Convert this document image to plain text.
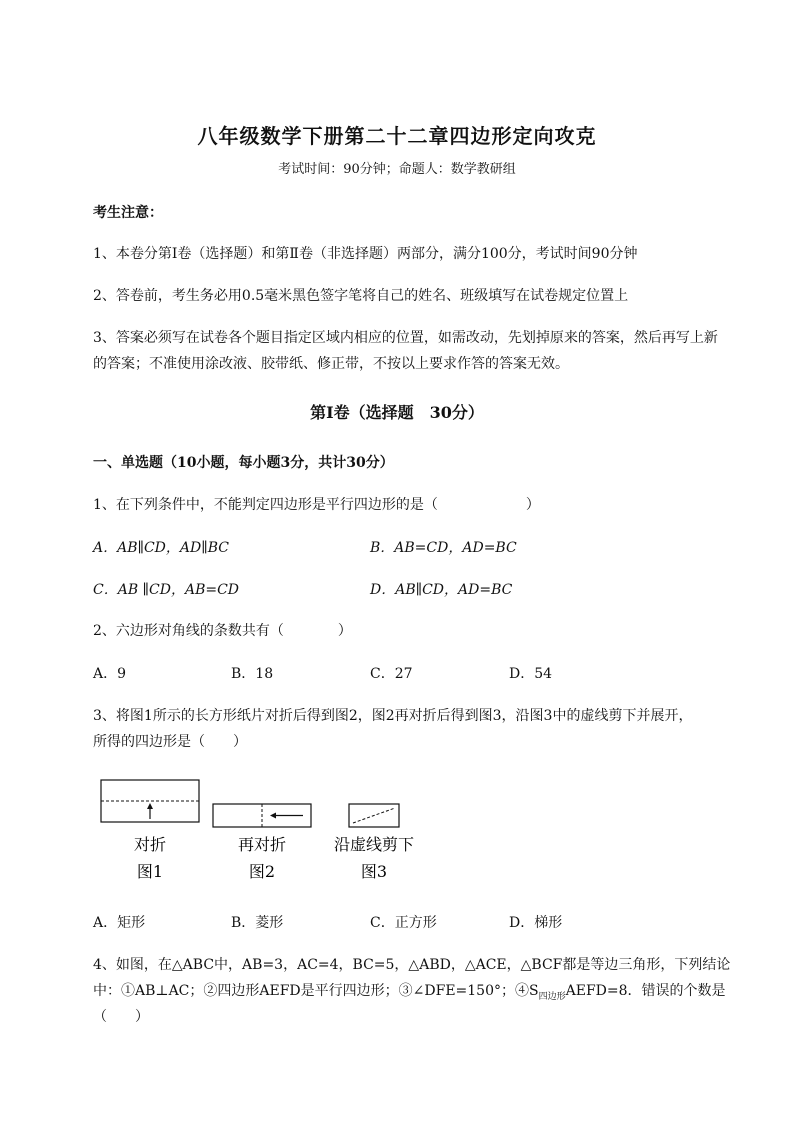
八年级数学下册第二十二章四边形定向攻克
考试时间：90分钟；命题人：数学教研组
考生注意：
1、本卷分第I卷（选择题）和第Ⅱ卷（非选择题）两部分，满分100分，考试时间90分钟
2、答卷前，考生务必用0.5毫米黑色签字笔将自己的姓名、班级填写在试卷规定位置上
3、答案必须写在试卷各个题目指定区域内相应的位置，如需改动，先划掉原来的答案，然后再写上新
的答案；不准使用涂改液、胶带纸、修正带，不按以上要求作答的答案无效。
第I卷（选择题　30分）
一、单选题（10小题，每小题3分，共计30分）
1、在下列条件中，不能判定四边形是平行四边形的是（	）
A．AB∥CD，AD∥BC	B．AB=CD，AD=BC
C．AB ∥CD，AB=CD	D．AB∥CD，AD=BC
2、六边形对角线的条数共有（	）
A．9	B．18	C．27	D．54
3、将图1所示的长方形纸片对折后得到图2，图2再对折后得到图3，沿图3中的虚线剪下并展开，
所得的四边形是（　　）
对折
图1
再对折
图2
沿虚线剪下
图3
A．矩形	B．菱形	C．正方形	D．梯形
4、如图，在△ABC中，AB=3，AC=4，BC=5，△ABD，△ACE，△BCF都是等边三角形，下列结论
中：①AB⊥AC；②四边形AEFD是平行四边形；③∠DFE=150°；$④S_{四边形}AEFD=8$．错误的个数是
（　　）
